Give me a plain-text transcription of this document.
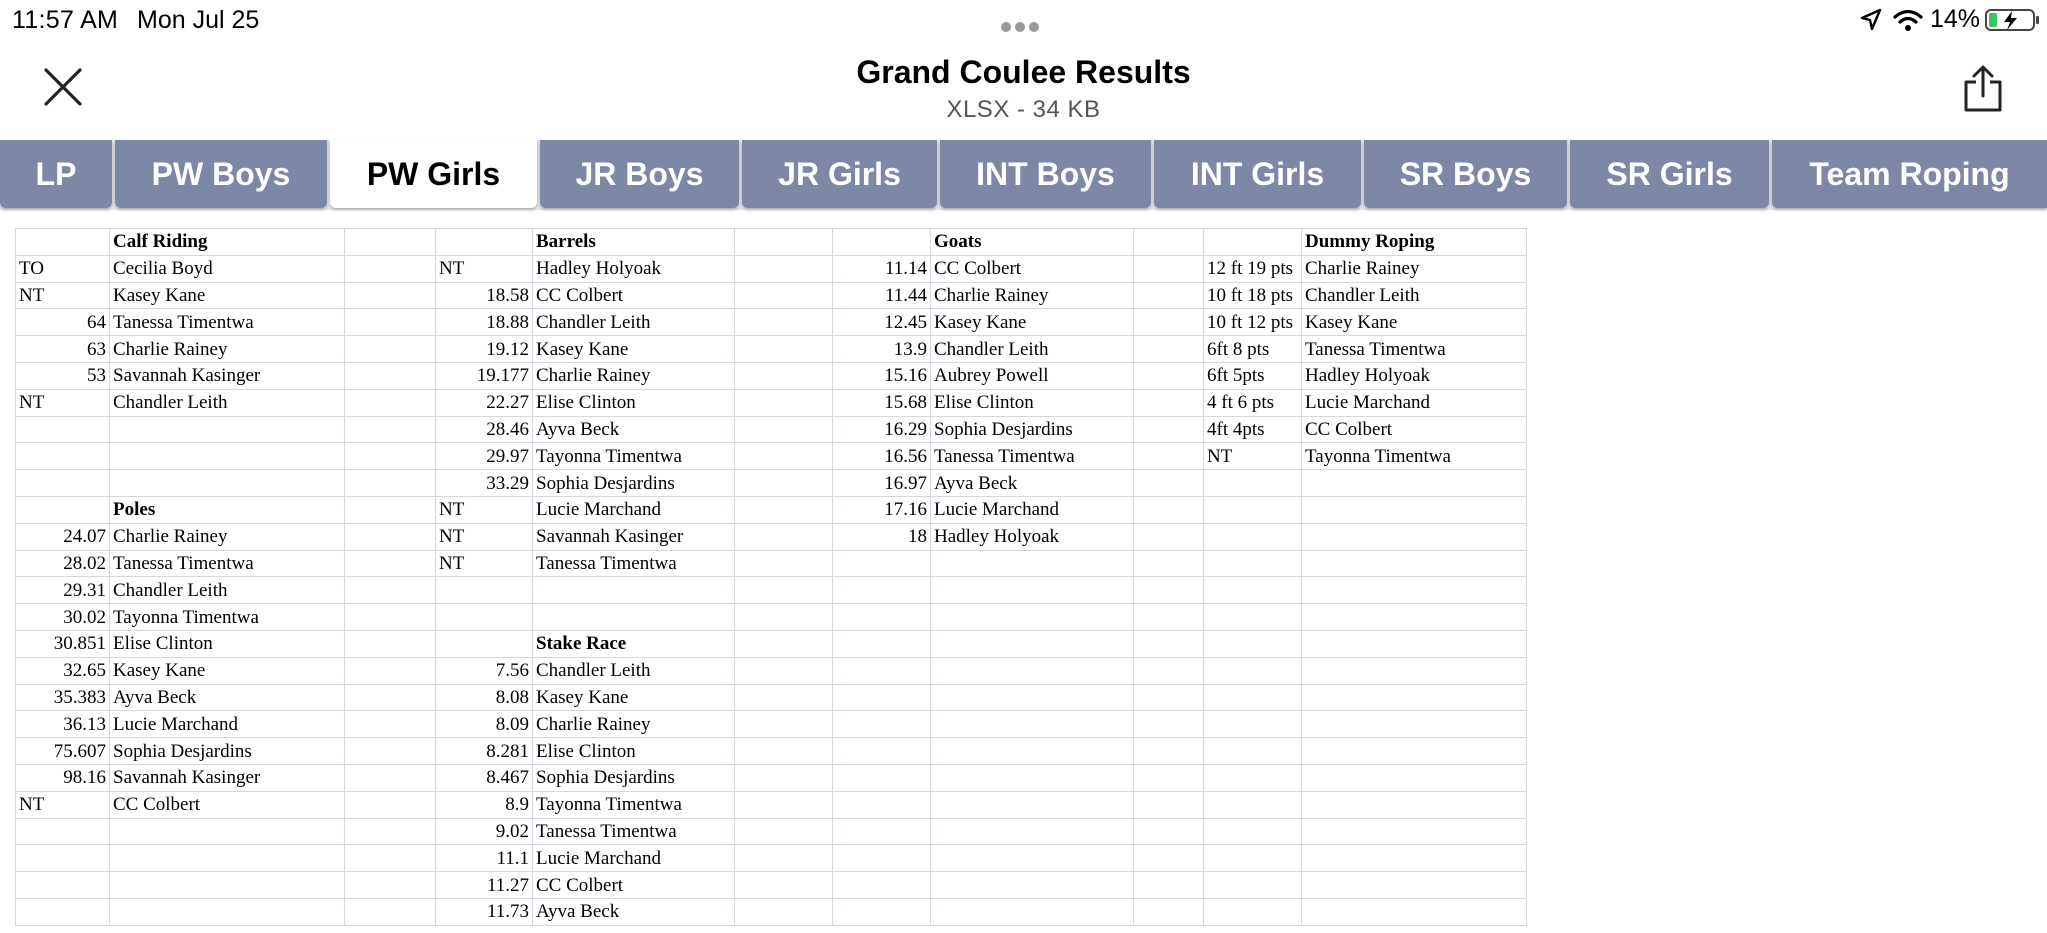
11:57 AM Mon Jul 25	14%
Grand Coulee Results
XLSX - 34 KB
LP	PW Boys	PW Girls	JR Boys	JR Girls	INT Boys	INT Girls	SR Boys	SR Girls	Team Roping
	Calf Riding			Barrels			Goats			Dummy Roping
TO	Cecilia Boyd		NT	Hadley Holyoak		11.14	CC Colbert		12 ft 19 pts	Charlie Rainey
NT	Kasey Kane		18.58	CC Colbert		11.44	Charlie Rainey		10 ft 18 pts	Chandler Leith
64	Tanessa Timentwa		18.88	Chandler Leith		12.45	Kasey Kane		10 ft 12 pts	Kasey Kane
63	Charlie Rainey		19.12	Kasey Kane		13.9	Chandler Leith		6ft 8 pts	Tanessa Timentwa
53	Savannah Kasinger		19.177	Charlie Rainey		15.16	Aubrey Powell		6ft 5pts	Hadley Holyoak
NT	Chandler Leith		22.27	Elise Clinton		15.68	Elise Clinton		4 ft 6 pts	Lucie Marchand
			28.46	Ayva Beck		16.29	Sophia Desjardins		4ft 4pts	CC Colbert
			29.97	Tayonna Timentwa		16.56	Tanessa Timentwa		NT	Tayonna Timentwa
			33.29	Sophia Desjardins		16.97	Ayva Beck			
	Poles		NT	Lucie Marchand		17.16	Lucie Marchand			
24.07	Charlie Rainey		NT	Savannah Kasinger		18	Hadley Holyoak			
28.02	Tanessa Timentwa		NT	Tanessa Timentwa						
29.31	Chandler Leith									
30.02	Tayonna Timentwa									
30.851	Elise Clinton			Stake Race						
32.65	Kasey Kane		7.56	Chandler Leith						
35.383	Ayva Beck		8.08	Kasey Kane						
36.13	Lucie Marchand		8.09	Charlie Rainey						
75.607	Sophia Desjardins		8.281	Elise Clinton						
98.16	Savannah Kasinger		8.467	Sophia Desjardins						
NT	CC Colbert		8.9	Tayonna Timentwa						
			9.02	Tanessa Timentwa						
			11.1	Lucie Marchand						
			11.27	CC Colbert						
			11.73	Ayva Beck						
